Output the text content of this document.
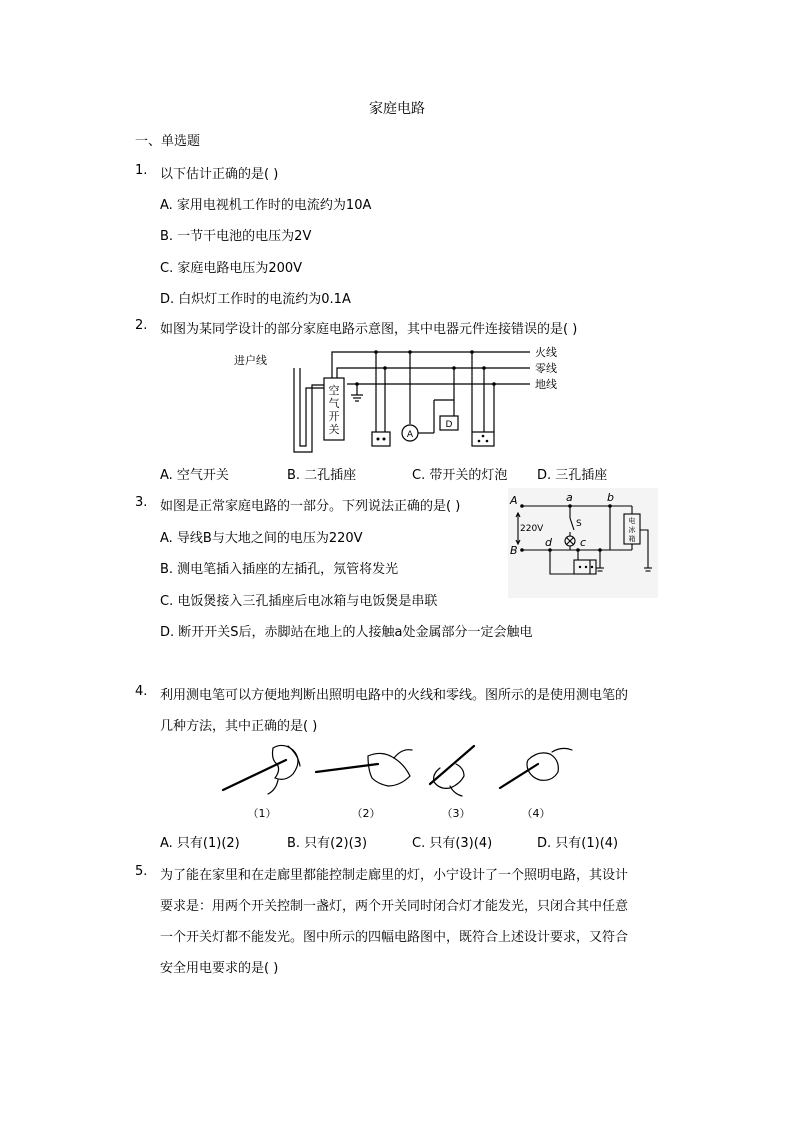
家庭电路
一、单选题
1. 以下估计正确的是( )
A. 家用电视机工作时的电流约为10A
B. 一节干电池的电压为2V
C. 家庭电路电压为200V
D. 白炽灯工作时的电流约为0.1A
2. 如图为某同学设计的部分家庭电路示意图，其中电器元件连接错误的是( )
A
D
进户线
火线
零线
地线
空
气
开
关
A. 空气开关	B. 二孔插座	C. 带开关的灯泡 D. 三孔插座
3. 如图是正常家庭电路的一部分。下列说法正确的是( )	A
B
220V
a	b
S
d	c
电
冰
箱
A. 导线B与大地之间的电压为220V
B. 测电笔插入插座的左插孔，氖管将发光
C. 电饭煲接入三孔插座后电冰箱与电饭煲是串联
D. 断开开关S后，赤脚站在地上的人接触a处金属部分一定会触电
4. 利用测电笔可以方便地判断出照明电路中的火线和零线。图所示的是使用测电笔的
几种方法，其中正确的是( )
（1）	（2）	（3）	（4）
A. 只有(1)(2)	B. 只有(2)(3)	C. 只有(3)(4)	D. 只有(1)(4)
5. 为了能在家里和在走廊里都能控制走廊里的灯，小宁设计了一个照明电路，其设计
要求是：用两个开关控制一盏灯，两个开关同时闭合灯才能发光，只闭合其中任意
一个开关灯都不能发光。图中所示的四幅电路图中，既符合上述设计要求，又符合
安全用电要求的是( )
